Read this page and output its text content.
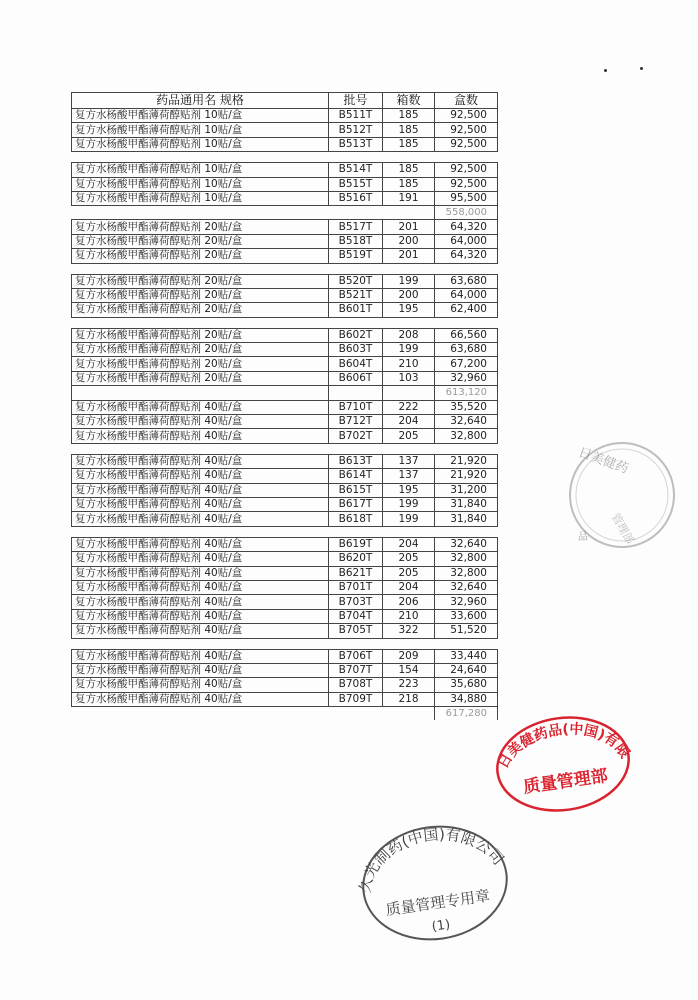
药品通用名 规格	批号	箱数	盒数
复方水杨酸甲酯薄荷醇贴剂 10贴/盒	B511T	185	92,500
复方水杨酸甲酯薄荷醇贴剂 10贴/盒	B512T	185	92,500
复方水杨酸甲酯薄荷醇贴剂 10贴/盒	B513T	185	92,500

复方水杨酸甲酯薄荷醇贴剂 10贴/盒	B514T	185	92,500
复方水杨酸甲酯薄荷醇贴剂 10贴/盒	B515T	185	92,500
复方水杨酸甲酯薄荷醇贴剂 10贴/盒	B516T	191	95,500
			558,000
复方水杨酸甲酯薄荷醇贴剂 20贴/盒	B517T	201	64,320
复方水杨酸甲酯薄荷醇贴剂 20贴/盒	B518T	200	64,000
复方水杨酸甲酯薄荷醇贴剂 20贴/盒	B519T	201	64,320

复方水杨酸甲酯薄荷醇贴剂 20贴/盒	B520T	199	63,680
复方水杨酸甲酯薄荷醇贴剂 20贴/盒	B521T	200	64,000
复方水杨酸甲酯薄荷醇贴剂 20贴/盒	B601T	195	62,400

复方水杨酸甲酯薄荷醇贴剂 20贴/盒	B602T	208	66,560
复方水杨酸甲酯薄荷醇贴剂 20贴/盒	B603T	199	63,680
复方水杨酸甲酯薄荷醇贴剂 20贴/盒	B604T	210	67,200
复方水杨酸甲酯薄荷醇贴剂 20贴/盒	B606T	103	32,960
			613,120
复方水杨酸甲酯薄荷醇贴剂 40贴/盒	B710T	222	35,520
复方水杨酸甲酯薄荷醇贴剂 40贴/盒	B712T	204	32,640
复方水杨酸甲酯薄荷醇贴剂 40贴/盒	B702T	205	32,800

复方水杨酸甲酯薄荷醇贴剂 40贴/盒	B613T	137	21,920
复方水杨酸甲酯薄荷醇贴剂 40贴/盒	B614T	137	21,920
复方水杨酸甲酯薄荷醇贴剂 40贴/盒	B615T	195	31,200
复方水杨酸甲酯薄荷醇贴剂 40贴/盒	B617T	199	31,840
复方水杨酸甲酯薄荷醇贴剂 40贴/盒	B618T	199	31,840

复方水杨酸甲酯薄荷醇贴剂 40贴/盒	B619T	204	32,640
复方水杨酸甲酯薄荷醇贴剂 40贴/盒	B620T	205	32,800
复方水杨酸甲酯薄荷醇贴剂 40贴/盒	B621T	205	32,800
复方水杨酸甲酯薄荷醇贴剂 40贴/盒	B701T	204	32,640
复方水杨酸甲酯薄荷醇贴剂 40贴/盒	B703T	206	32,960
复方水杨酸甲酯薄荷醇贴剂 40贴/盒	B704T	210	33,600
复方水杨酸甲酯薄荷醇贴剂 40贴/盒	B705T	322	51,520

复方水杨酸甲酯薄荷醇贴剂 40贴/盒	B706T	209	33,440
复方水杨酸甲酯薄荷醇贴剂 40贴/盒	B707T	154	24,640
复方水杨酸甲酯薄荷醇贴剂 40贴/盒	B708T	223	35,680
复方水杨酸甲酯薄荷醇贴剂 40贴/盒	B709T	218	34,880
			617,280
日美健药
管理部
品
日美健药品(中国)有限公司
质量管理部
久光制药(中国)有限公司
质量管理专用章
(1)
